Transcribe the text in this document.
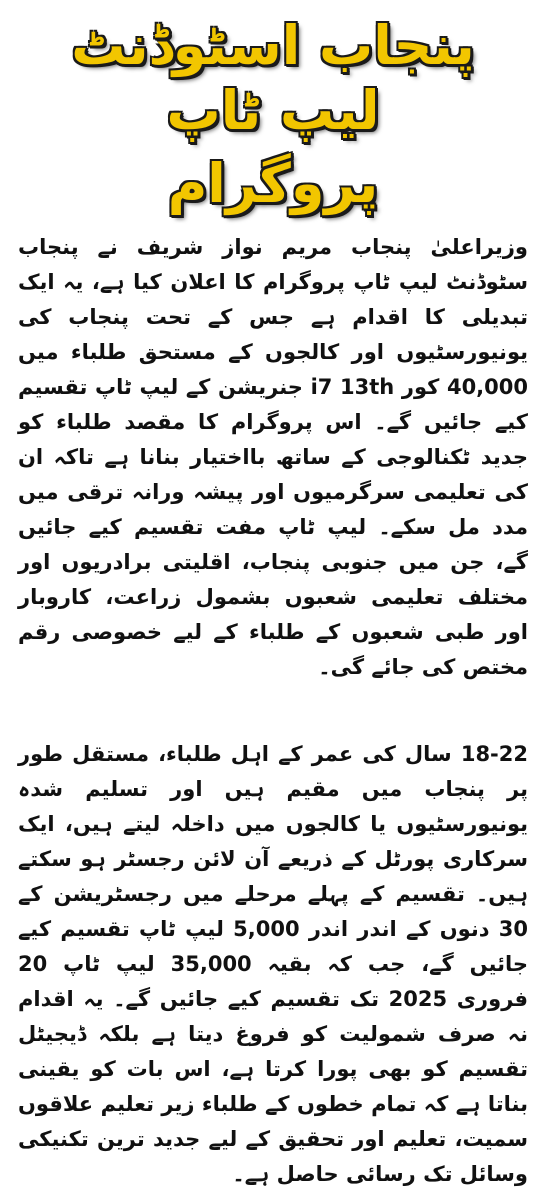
پنجاب اسٹوڈنٹ لیپ ٹاپ
پروگرام

وزیراعلیٰ پنجاب مریم نواز شریف نے پنجاب سٹوڈنٹ لیپ ٹاپ پروگرام کا اعلان کیا ہے، یہ ایک تبدیلی کا اقدام ہے جس کے تحت پنجاب کی یونیورسٹیوں اور کالجوں کے مستحق طلباء میں 40,000 کور i7 13th جنریشن کے لیپ ٹاپ تقسیم کیے جائیں گے۔ اس پروگرام کا مقصد طلباء کو جدید ٹکنالوجی کے ساتھ بااختیار بنانا ہے تاکہ ان کی تعلیمی سرگرمیوں اور پیشہ ورانہ ترقی میں مدد مل سکے۔ لیپ ٹاپ مفت تقسیم کیے جائیں گے، جن میں جنوبی پنجاب، اقلیتی برادریوں اور مختلف تعلیمی شعبوں بشمول زراعت، کاروبار اور طبی شعبوں کے طلباء کے لیے خصوصی رقم مختص کی جائے گی۔

18-22 سال کی عمر کے اہل طلباء، مستقل طور پر پنجاب میں مقیم ہیں اور تسلیم شدہ یونیورسٹیوں یا کالجوں میں داخلہ لیتے ہیں، ایک سرکاری پورٹل کے ذریعے آن لائن رجسٹر ہو سکتے ہیں۔ تقسیم کے پہلے مرحلے میں رجسٹریشن کے 30 دنوں کے اندر اندر 5,000 لیپ ٹاپ تقسیم کیے جائیں گے، جب کہ بقیہ 35,000 لیپ ٹاپ 20 فروری 2025 تک تقسیم کیے جائیں گے۔ یہ اقدام نہ صرف شمولیت کو فروغ دیتا ہے بلکہ ڈیجیٹل تقسیم کو بھی پورا کرتا ہے، اس بات کو یقینی بناتا ہے کہ تمام خطوں کے طلباء زیر تعلیم علاقوں سمیت، تعلیم اور تحقیق کے لیے جدید ترین تکنیکی وسائل تک رسائی حاصل ہے۔
